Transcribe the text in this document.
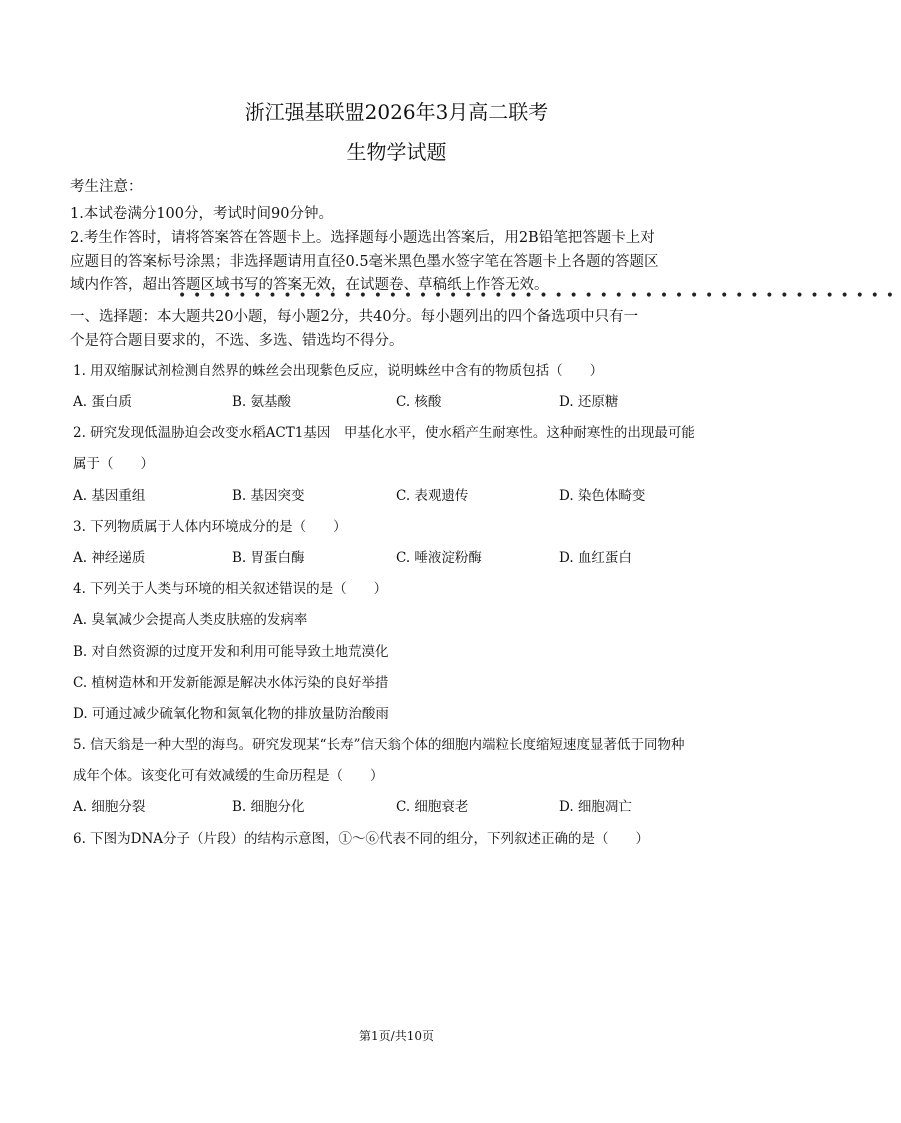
浙江强基联盟2026年3月高二联考
生物学试题
考生注意：
1.本试卷满分100分，考试时间90分钟。
2.考生作答时，请将答案答在答题卡上。选择题每小题选出答案后，用2B铅笔把答题卡上对
应题目的答案标号涂黑；非选择题请用直径0.5毫米黑色墨水签字笔在答题卡上各题的答题区
域内作答，超出答题区域书写的答案无效，在试题卷、草稿纸上作答无效。
••••••••••••••••••••••••••••••••••••••••••••••••
一、选择题：本大题共20小题，每小题2分，共40分。每小题列出的四个备选项中只有一
个是符合题目要求的，不选、多选、错选均不得分。
1. 用双缩脲试剂检测自然界的蛛丝会出现紫色反应，说明蛛丝中含有的物质包括（　　）
A. 蛋白质	B. 氨基酸	C. 核酸	D. 还原糖
2. 研究发现低温胁迫会改变水稻ACT1基因　甲基化水平，使水稻产生耐寒性。这种耐寒性的出现最可能
属于（　　）
A. 基因重组	B. 基因突变	C. 表观遗传	D. 染色体畸变
3. 下列物质属于人体内环境成分的是（　　）
A. 神经递质	B. 胃蛋白酶	C. 唾液淀粉酶	D. 血红蛋白
4. 下列关于人类与环境的相关叙述错误的是（　　）
A. 臭氧减少会提高人类皮肤癌的发病率
B. 对自然资源的过度开发和利用可能导致土地荒漠化
C. 植树造林和开发新能源是解决水体污染的良好举措
D. 可通过减少硫氧化物和氮氧化物的排放量防治酸雨
5. 信天翁是一种大型的海鸟。研究发现某“长寿”信天翁个体的细胞内端粒长度缩短速度显著低于同物种
成年个体。该变化可有效减缓的生命历程是（　　）
A. 细胞分裂	B. 细胞分化	C. 细胞衰老	D. 细胞凋亡
6. 下图为DNA分子（片段）的结构示意图，①～⑥代表不同的组分，下列叙述正确的是（　　）
第1页/共10页
